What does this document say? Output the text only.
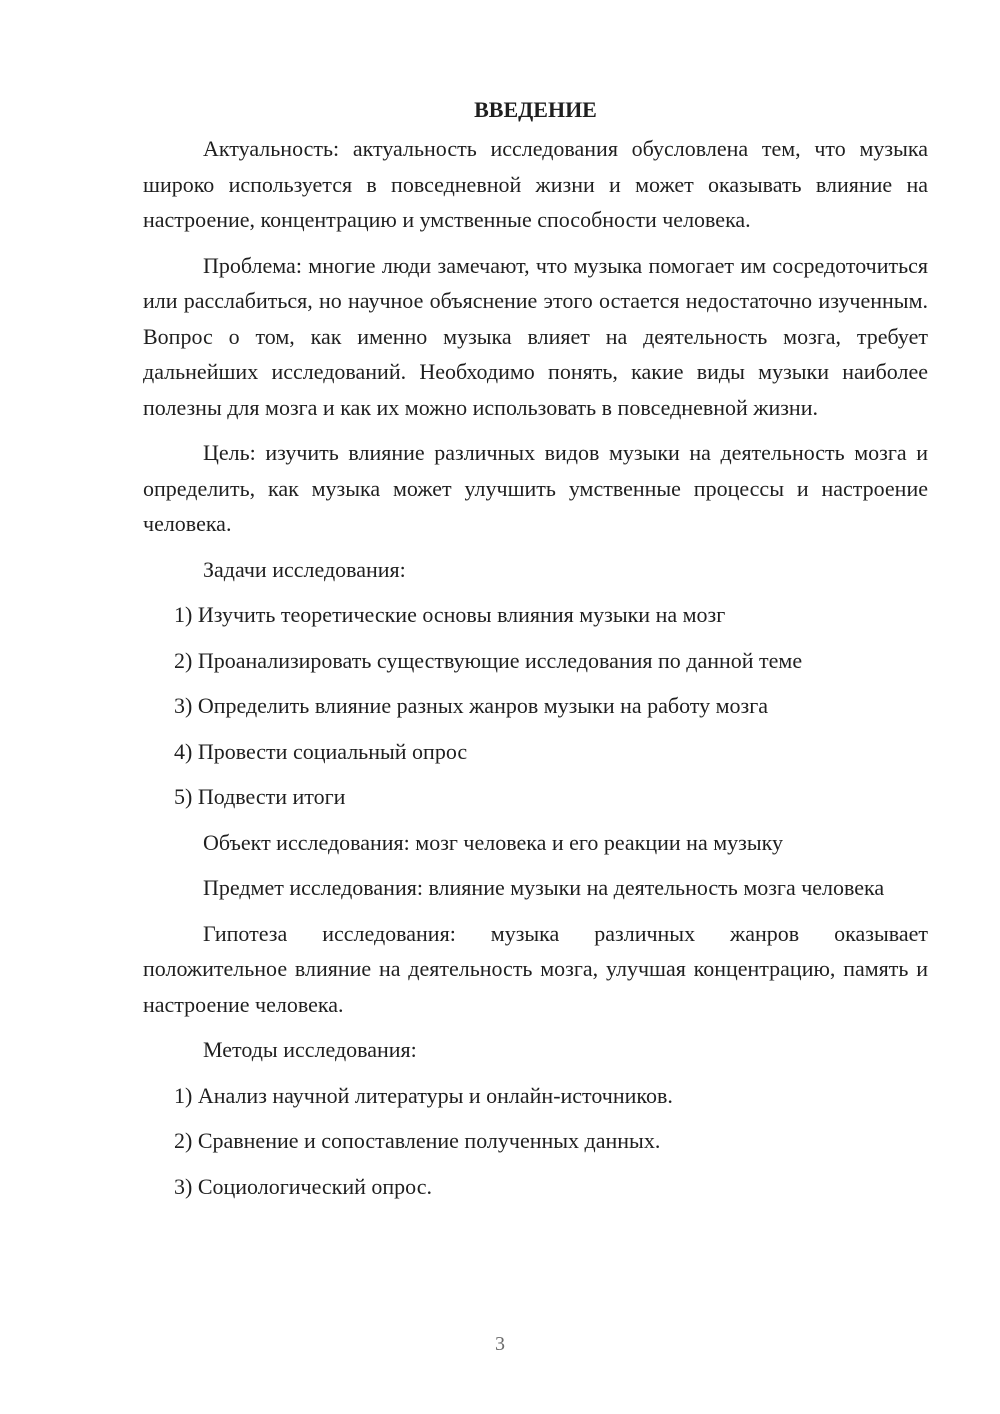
ВВЕДЕНИЕ

Актуальность: актуальность исследования обусловлена тем, что музыка широко используется в повседневной жизни и может оказывать влияние на настроение, концентрацию и умственные способности человека.

Проблема: многие люди замечают, что музыка помогает им сосредоточиться или расслабиться, но научное объяснение этого остается недостаточно изученным. Вопрос о том, как именно музыка влияет на деятельность мозга, требует дальнейших исследований. Необходимо понять, какие виды музыки наиболее полезны для мозга и как их можно использовать в повседневной жизни.

Цель: изучить влияние различных видов музыки на деятельность мозга и определить, как музыка может улучшить умственные процессы и настроение человека.

Задачи исследования:

1) Изучить теоретические основы влияния музыки на мозг
2) Проанализировать существующие исследования по данной теме
3) Определить влияние разных жанров музыки на работу мозга
4) Провести социальный опрос
5) Подвести итоги

Объект исследования: мозг человека и его реакции на музыку

Предмет исследования: влияние музыки на деятельность мозга человека

Гипотеза исследования: музыка различных жанров оказывает положительное влияние на деятельность мозга, улучшая концентрацию, память и настроение человека.

Методы исследования:

1) Анализ научной литературы и онлайн-источников.
2) Сравнение и сопоставление полученных данных.
3) Социологический опрос.
3
